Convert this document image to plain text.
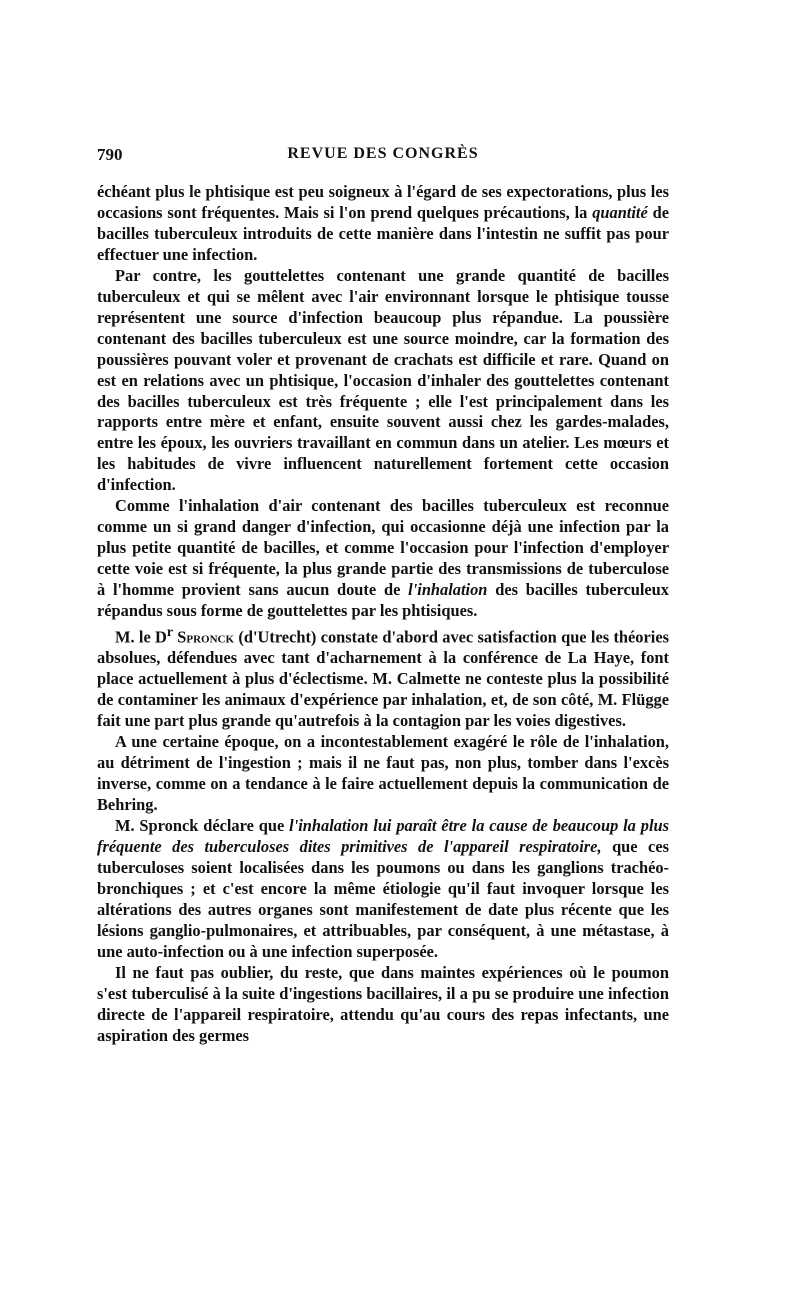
790	REVUE DES CONGRÈS

échéant plus le phtisique est peu soigneux à l'égard de ses expectorations, plus les occasions sont fréquentes. Mais si l'on prend quelques précautions, la quantité de bacilles tuberculeux introduits de cette manière dans l'intestin ne suffit pas pour effectuer une infection.

Par contre, les gouttelettes contenant une grande quantité de bacilles tuberculeux et qui se mêlent avec l'air environnant lorsque le phtisique tousse représentent une source d'infection beaucoup plus répandue. La poussière contenant des bacilles tuberculeux est une source moindre, car la formation des poussières pouvant voler et provenant de crachats est difficile et rare. Quand on est en relations avec un phtisique, l'occasion d'inhaler des gouttelettes contenant des bacilles tuberculeux est très fréquente ; elle l'est principalement dans les rapports entre mère et enfant, ensuite souvent aussi chez les gardes-malades, entre les époux, les ouvriers travaillant en commun dans un atelier. Les mœurs et les habitudes de vivre influencent naturellement fortement cette occasion d'infection.

Comme l'inhalation d'air contenant des bacilles tuberculeux est reconnue comme un si grand danger d'infection, qui occasionne déjà une infection par la plus petite quantité de bacilles, et comme l'occasion pour l'infection d'employer cette voie est si fréquente, la plus grande partie des transmissions de tuberculose à l'homme provient sans aucun doute de l'inhalation des bacilles tuberculeux répandus sous forme de gouttelettes par les phtisiques.

M. le $D^r$ Spronck (d'Utrecht) constate d'abord avec satisfaction que les théories absolues, défendues avec tant d'acharnement à la conférence de La Haye, font place actuellement à plus d'éclectisme. M. Calmette ne conteste plus la possibilité de contaminer les animaux d'expérience par inhalation, et, de son côté, M. Flügge fait une part plus grande qu'autrefois à la contagion par les voies digestives.

A une certaine époque, on a incontestablement exagéré le rôle de l'inhalation, au détriment de l'ingestion ; mais il ne faut pas, non plus, tomber dans l'excès inverse, comme on a tendance à le faire actuellement depuis la communication de Behring.

M. Spronck déclare que l'inhalation lui paraît être la cause de beaucoup la plus fréquente des tuberculoses dites primitives de l'appareil respiratoire, que ces tuberculoses soient localisées dans les poumons ou dans les ganglions trachéo-bronchiques ; et c'est encore la même étiologie qu'il faut invoquer lorsque les altérations des autres organes sont manifestement de date plus récente que les lésions ganglio-pulmonaires, et attribuables, par conséquent, à une métastase, à une auto-infection ou à une infection superposée.

Il ne faut pas oublier, du reste, que dans maintes expériences où le poumon s'est tuberculisé à la suite d'ingestions bacillaires, il a pu se produire une infection directe de l'appareil respiratoire, attendu qu'au cours des repas infectants, une aspiration des germes
